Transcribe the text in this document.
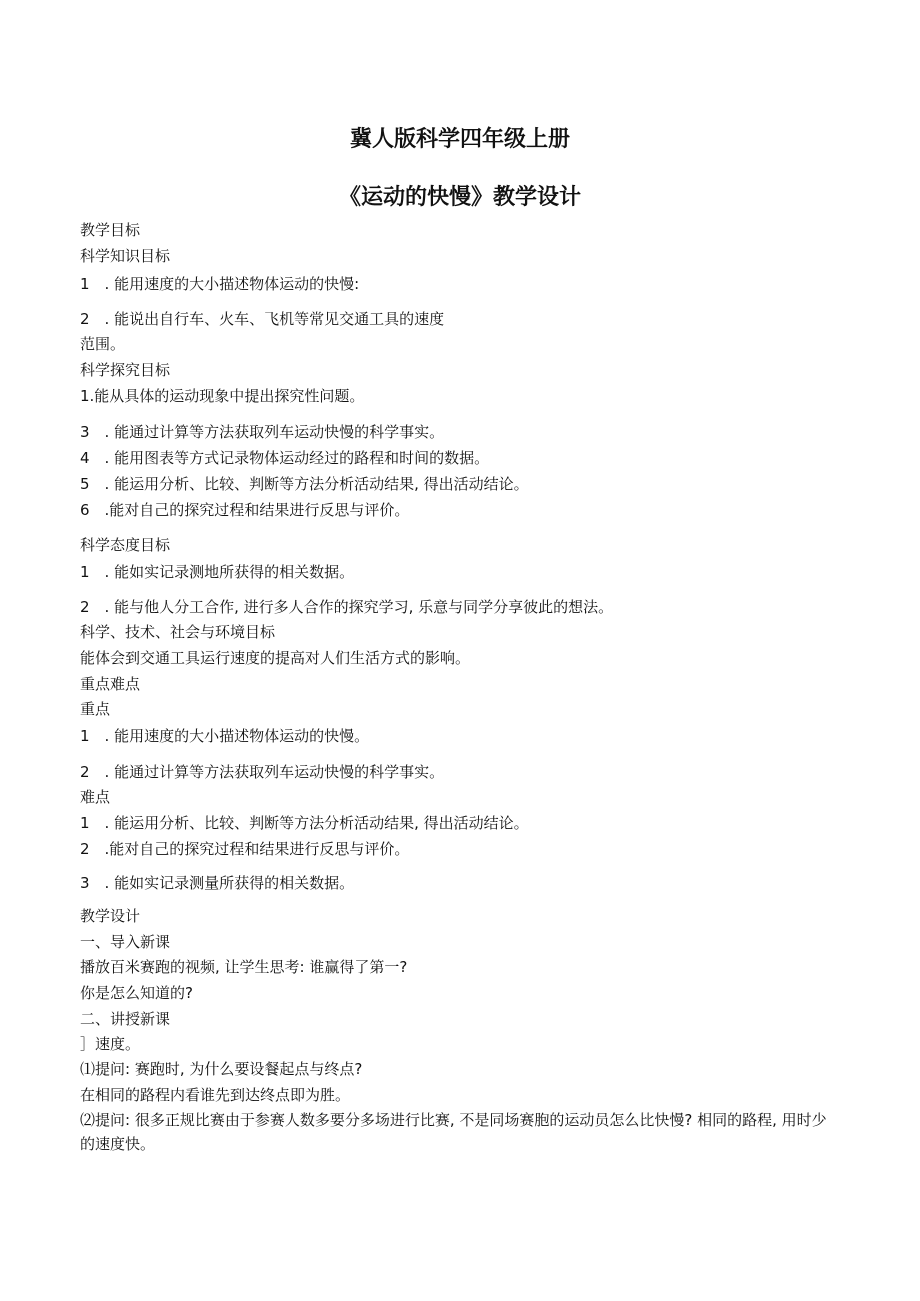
冀人版科学四年级上册
《运动的快慢》教学设计
教学目标
科学知识目标
1　. 能用速度的大小描述物体运动的快慢:
2　. 能说出自行车、火车、飞机等常见交通工具的速度
范围。
科学探究目标
1.能从具体的运动现象中提出探究性问题。
3　. 能通过计算等方法获取列车运动快慢的科学事实。
4　. 能用图表等方式记录物体运动经过的路程和时间的数据。
5　. 能运用分析、比较、判断等方法分析活动结果, 得出活动结论。
6　.能对自己的探究过程和结果进行反思与评价。
科学态度目标
1　. 能如实记录测地所获得的相关数据。
2　. 能与他人分工合作, 进行多人合作的探究学习, 乐意与同学分享彼此的想法。
科学、技术、社会与环境目标
能体会到交通工具运行速度的提高对人们生活方式的影响。
重点难点
重点
1　. 能用速度的大小描述物体运动的快慢。
2　. 能通过计算等方法获取列车运动快慢的科学事实。
难点
1　. 能运用分析、比较、判断等方法分析活动结果, 得出活动结论。
2　.能对自己的探究过程和结果进行反思与评价。
3　. 能如实记录测量所获得的相关数据。
教学设计
一、导入新课
播放百米赛跑的视频, 让学生思考: 谁赢得了第一?
你是怎么知道的?
二、讲授新课
］速度。
⑴提问: 赛跑时, 为什么要设餐起点与终点?
在相同的路程内看谁先到达终点即为胜。
⑵提问: 很多正规比赛由于参赛人数多要分多场进行比赛, 不是同场赛胞的运动员怎么比快慢? 相同的路程, 用时少的速度快。
